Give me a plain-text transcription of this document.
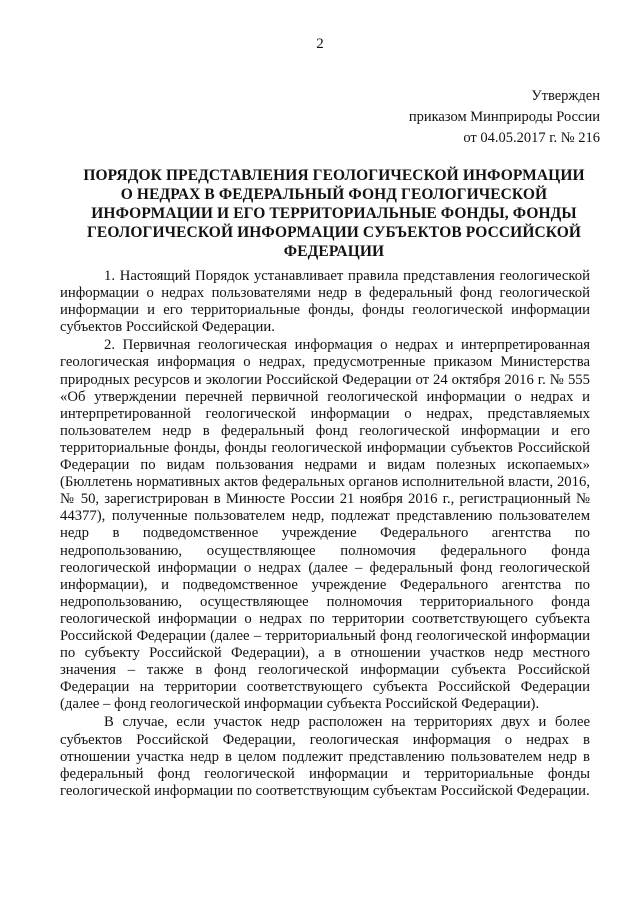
2
Утвержден
приказом Минприроды России
от 04.05.2017 г. № 216
ПОРЯДОК ПРЕДСТАВЛЕНИЯ ГЕОЛОГИЧЕСКОЙ ИНФОРМАЦИИ
О НЕДРАХ В ФЕДЕРАЛЬНЫЙ ФОНД ГЕОЛОГИЧЕСКОЙ
ИНФОРМАЦИИ И ЕГО ТЕРРИТОРИАЛЬНЫЕ ФОНДЫ, ФОНДЫ
ГЕОЛОГИЧЕСКОЙ ИНФОРМАЦИИ СУБЪЕКТОВ РОССИЙСКОЙ
ФЕДЕРАЦИИ

1. Настоящий Порядок устанавливает правила представления геологической информации о недрах пользователями недр в федеральный фонд геологической информации и его территориальные фонды, фонды геологической информации субъектов Российской Федерации.

2. Первичная геологическая информация о недрах и интерпретированная геологическая информация о недрах, предусмотренные приказом Министерства природных ресурсов и экологии Российской Федерации от 24 октября 2016 г. № 555 «Об утверждении перечней первичной геологической информации о недрах и интерпретированной геологической информации о недрах, представляемых пользователем недр в федеральный фонд геологической информации и его территориальные фонды, фонды геологической информации субъектов Российской Федерации по видам пользования недрами и видам полезных ископаемых» (Бюллетень нормативных актов федеральных органов исполнительной власти, 2016, № 50, зарегистрирован в Минюсте России 21 ноября 2016 г., регистрационный № 44377), полученные пользователем недр, подлежат представлению пользователем недр в подведомственное учреждение Федерального агентства по недропользованию, осуществляющее полномочия федерального фонда геологической информации о недрах (далее – федеральный фонд геологической информации), и подведомственное учреждение Федерального агентства по недропользованию, осуществляющее полномочия территориального фонда геологической информации о недрах по территории соответствующего субъекта Российской Федерации (далее – территориальный фонд геологической информации по субъекту Российской Федерации), а в отношении участков недр местного значения – также в фонд геологической информации субъекта Российской Федерации на территории соответствующего субъекта Российской Федерации (далее – фонд геологической информации субъекта Российской Федерации).

В случае, если участок недр расположен на территориях двух и более субъектов Российской Федерации, геологическая информация о недрах в отношении участка недр в целом подлежит представлению пользователем недр в федеральный фонд геологической информации и территориальные фонды геологической информации по соответствующим субъектам Российской Федерации.
